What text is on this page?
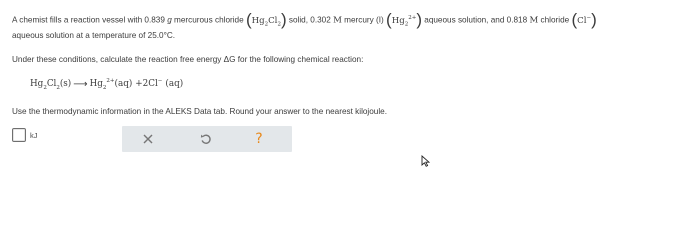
A chemist fills a reaction vessel with 0.839 g mercurous chloride $(Hg_2Cl_2)$ solid, 0.302 M mercury (I) $(Hg_2^{2+})$ aqueous solution, and 0.818 M chloride (Cl−)
aqueous solution at a temperature of 25.0°C.
Under these conditions, calculate the reaction free energy ΔG for the following chemical reaction:
$Hg_2Cl_2(s)$ ⟶ $Hg_2^{2+}(aq) + 2Cl^-$ (aq)
Use the thermodynamic information in the ALEKS Data tab. Round your answer to the nearest kilojoule.
kJ	?
